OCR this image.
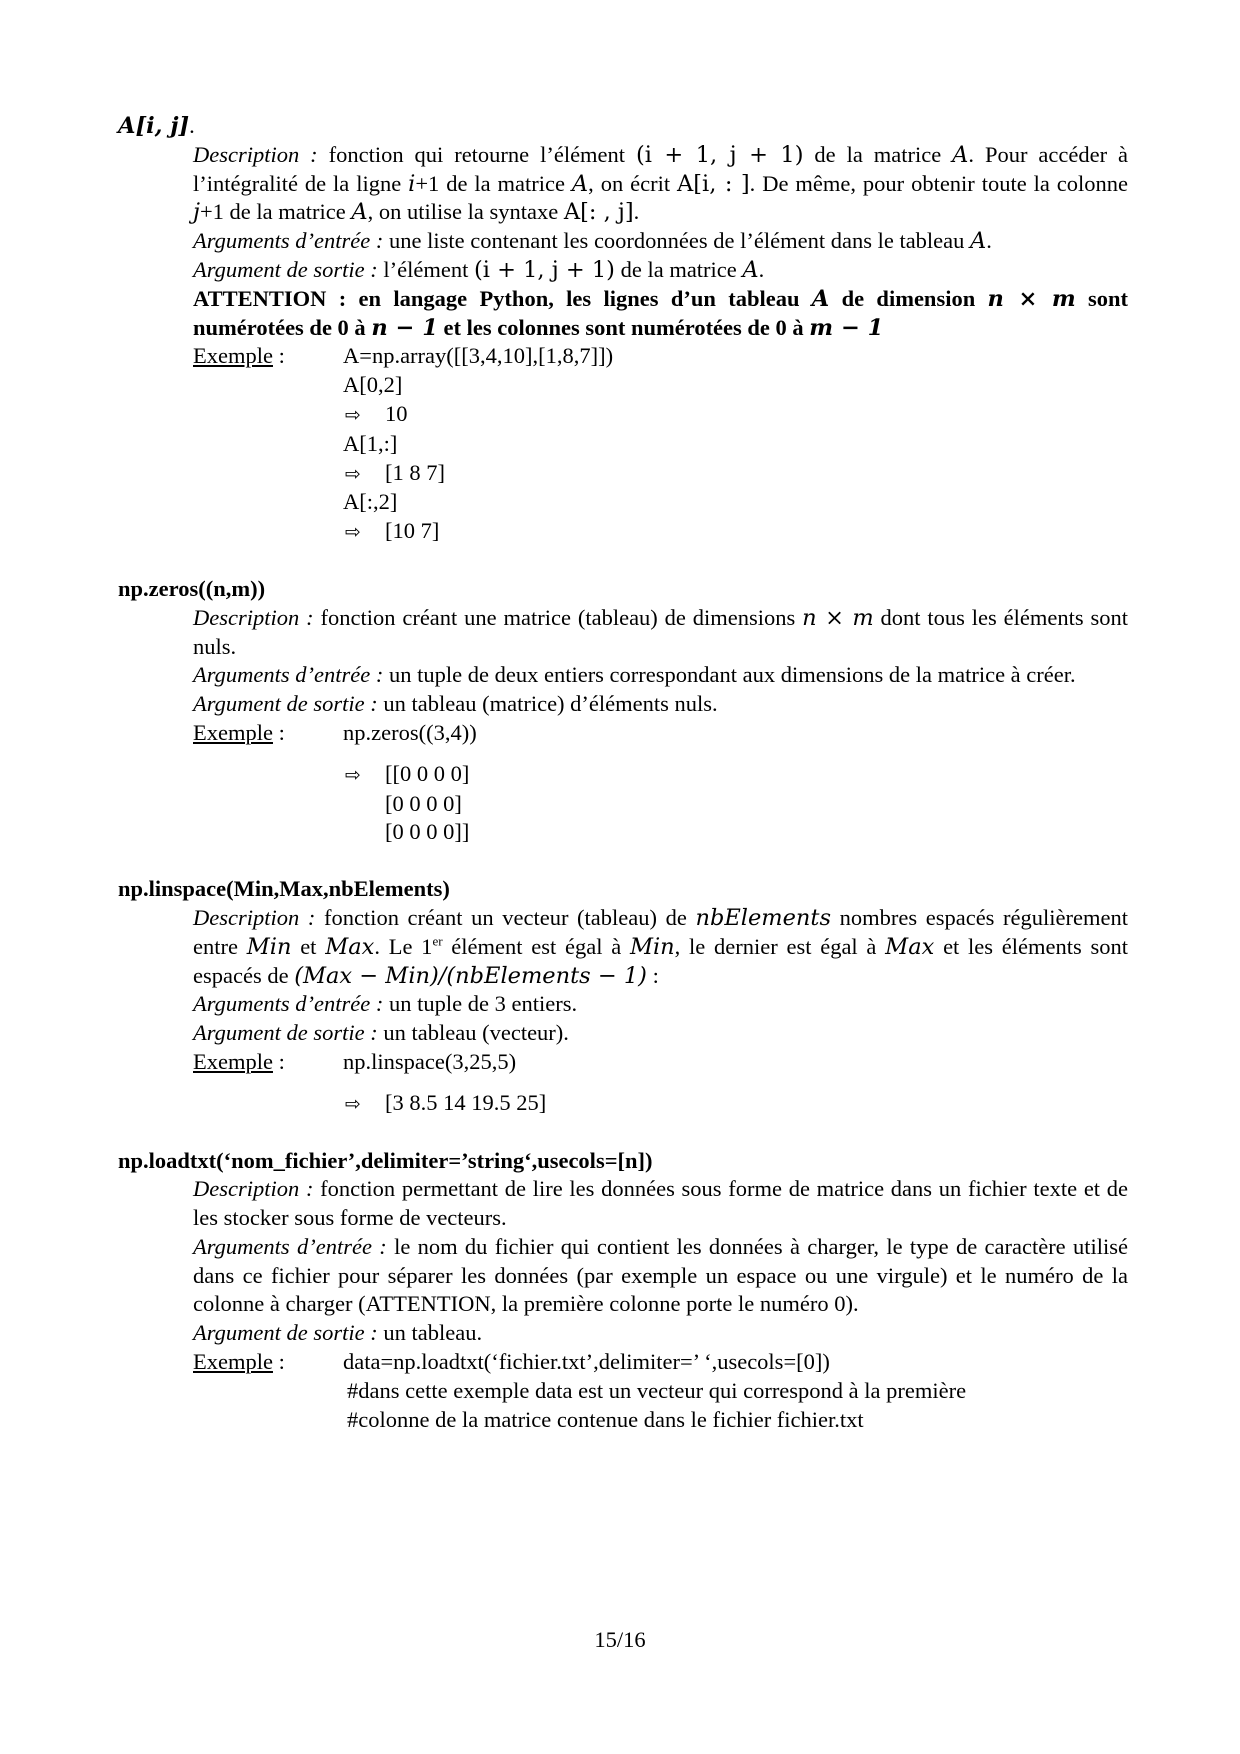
A[i, j].
Description : fonction qui retourne l’élément (i + 1, j + 1) de la matrice A. Pour accéder à l’intégralité de la ligne i+1 de la matrice A, on écrit A[i, : ]. De même, pour obtenir toute la colonne j+1 de la matrice A, on utilise la syntaxe A[: , j].
Arguments d’entrée : une liste contenant les coordonnées de l’élément dans le tableau A.
Argument de sortie : l’élément (i + 1, j + 1) de la matrice A.
ATTENTION : en langage Python, les lignes d’un tableau A de dimension n × m sont numérotées de 0 à n − 1 et les colonnes sont numérotées de 0 à m − 1
Exemple :	A=np.array([[3,4,10],[1,8,7]])
A[0,2]
⇨ 10
A[1,:]
⇨ [1 8 7]
A[:,2]
⇨ [10 7]
np.zeros((n,m))
Description : fonction créant une matrice (tableau) de dimensions n × m dont tous les éléments sont nuls.
Arguments d’entrée : un tuple de deux entiers correspondant aux dimensions de la matrice à créer.
Argument de sortie : un tableau (matrice) d’éléments nuls.
Exemple :	np.zeros((3,4))
⇨ [[0 0 0 0]
[0 0 0 0]
[0 0 0 0]]
np.linspace(Min,Max,nbElements)
Description : fonction créant un vecteur (tableau) de nbElements nombres espacés régulièrement entre Min et Max. Le 1er élément est égal à Min, le dernier est égal à Max et les éléments sont espacés de (Max − Min)/(nbElements − 1) :
Arguments d’entrée : un tuple de 3 entiers.
Argument de sortie : un tableau (vecteur).
Exemple :	np.linspace(3,25,5)
⇨ [3 8.5 14 19.5 25]
np.loadtxt(‘nom_fichier’,delimiter=’string‘,usecols=[n])
Description : fonction permettant de lire les données sous forme de matrice dans un fichier texte et de les stocker sous forme de vecteurs.
Arguments d’entrée : le nom du fichier qui contient les données à charger, le type de caractère utilisé dans ce fichier pour séparer les données (par exemple un espace ou une virgule) et le numéro de la colonne à charger (ATTENTION, la première colonne porte le numéro 0).
Argument de sortie : un tableau.
Exemple :	data=np.loadtxt(‘fichier.txt’,delimiter=’ ‘,usecols=[0])
#dans cette exemple data est un vecteur qui correspond à la première
#colonne de la matrice contenue dans le fichier fichier.txt
15/16
